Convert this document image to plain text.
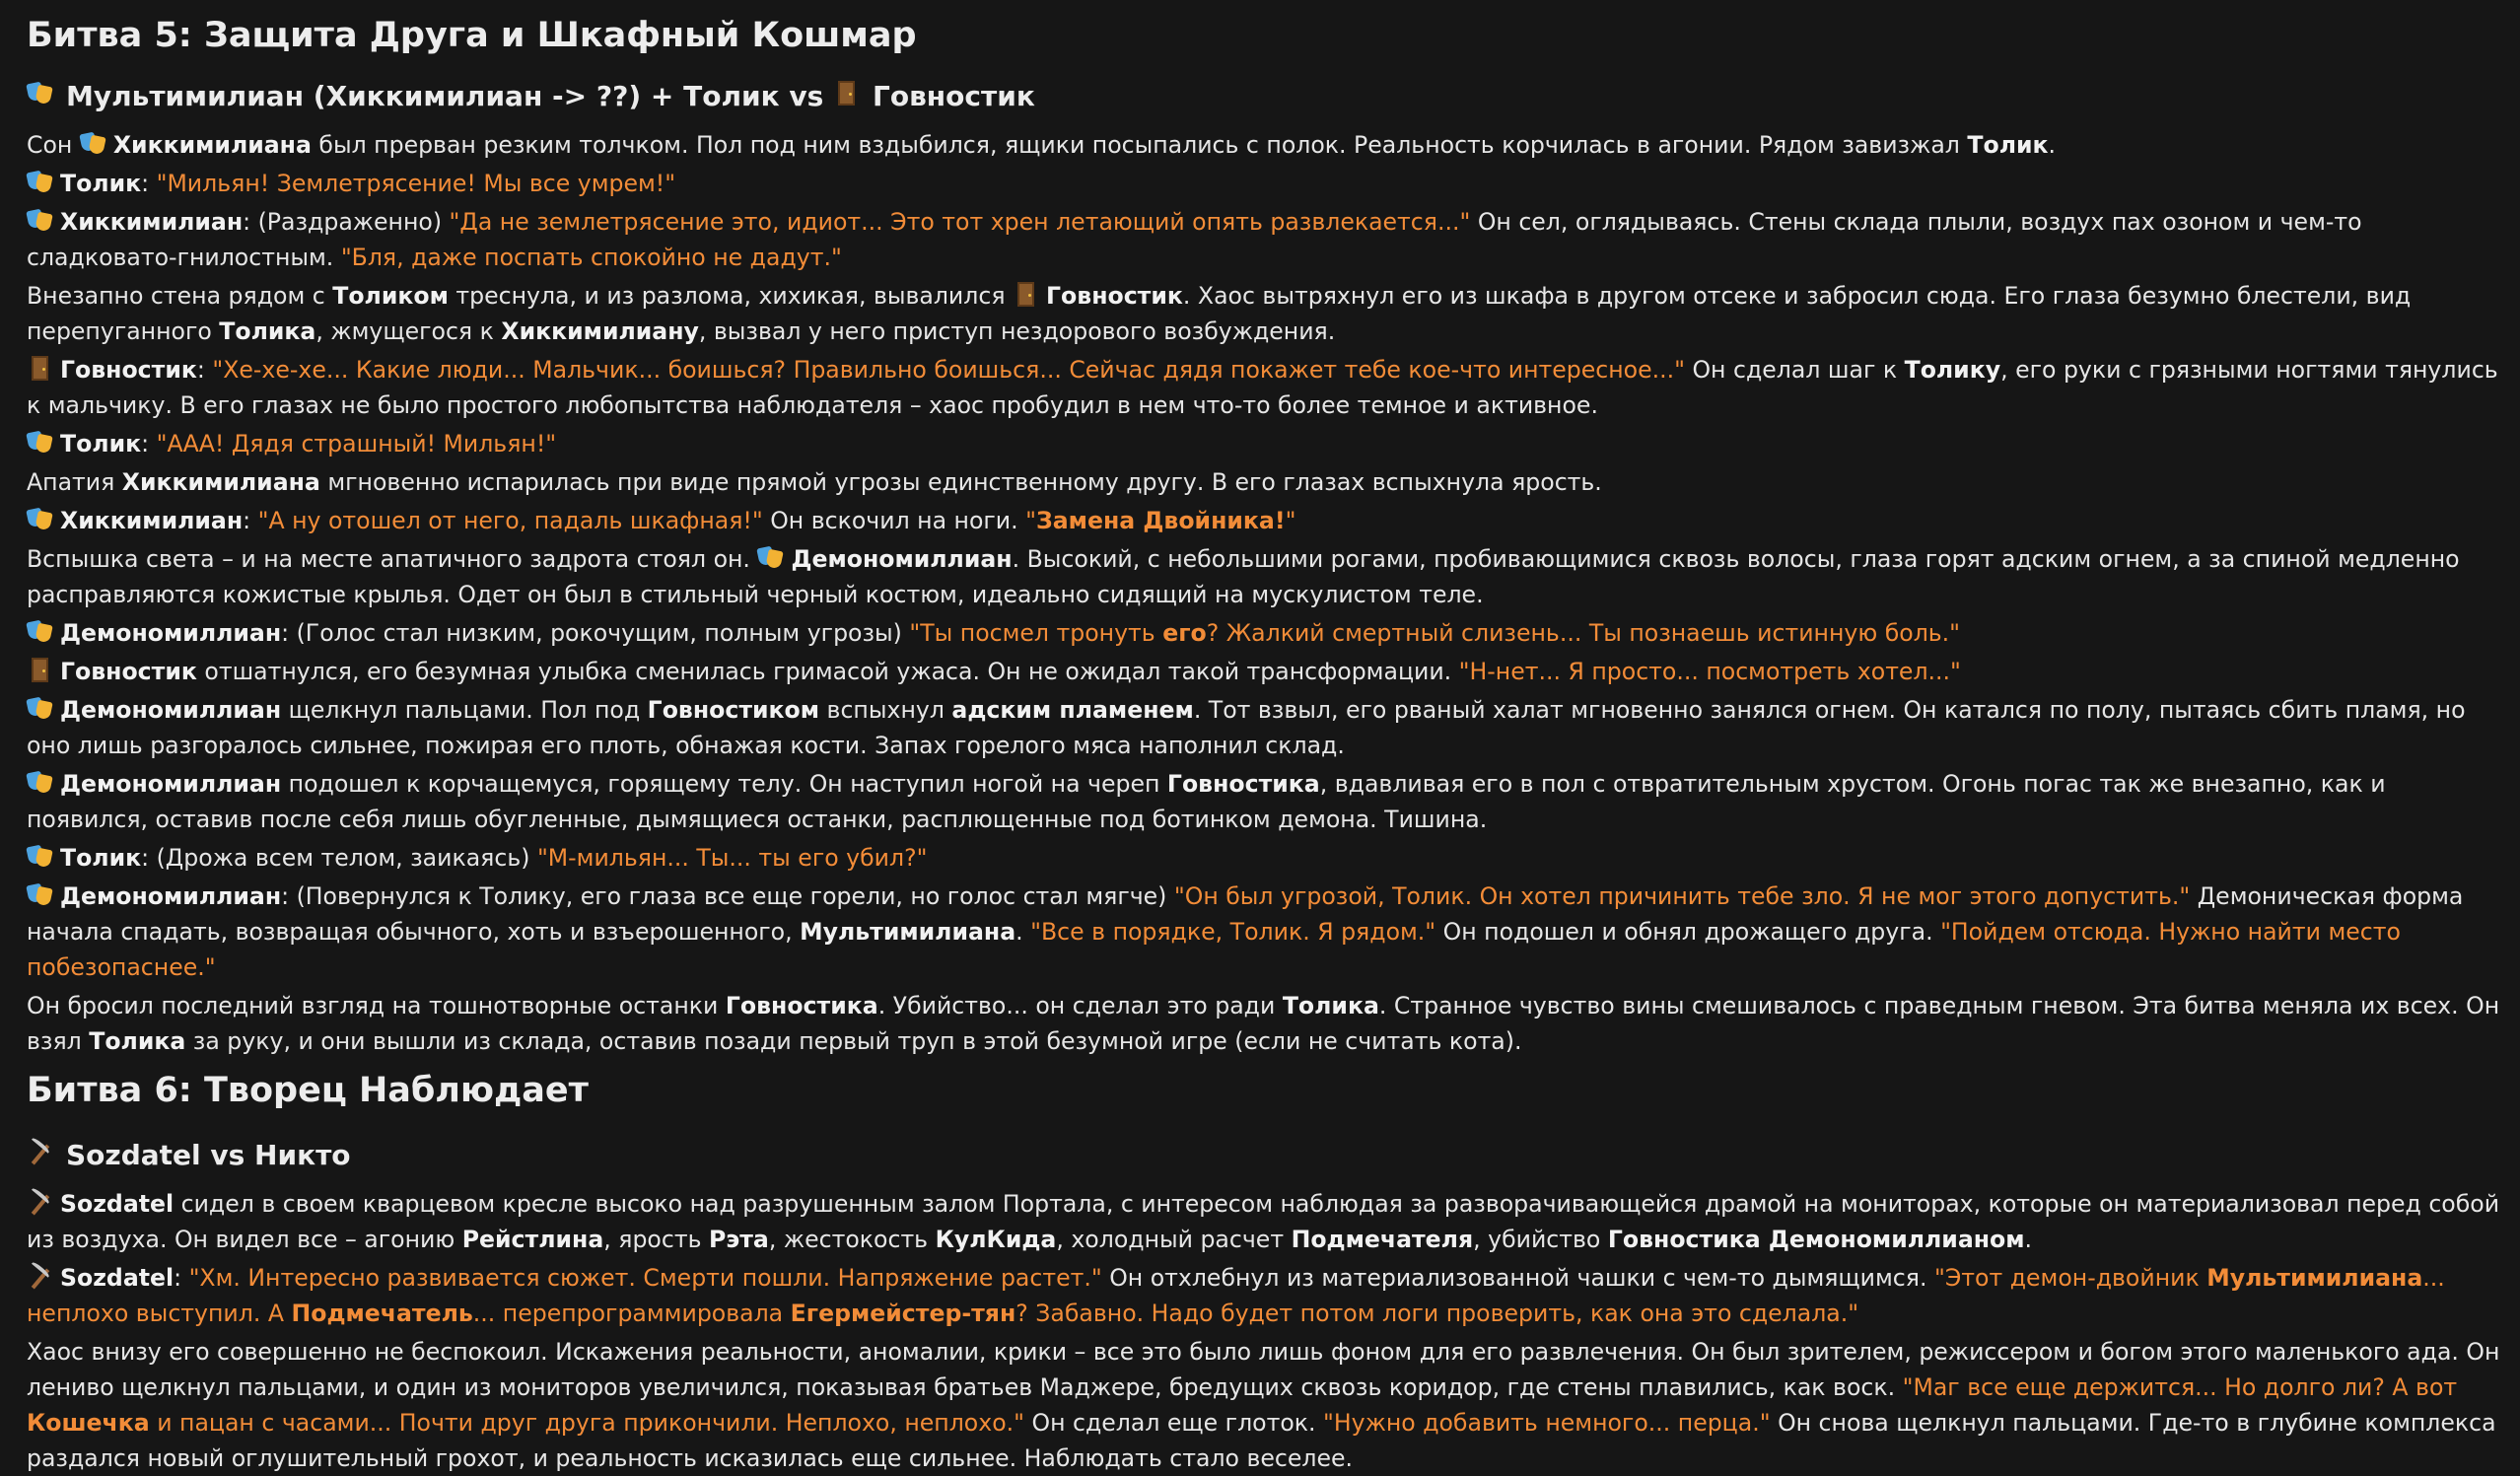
Битва 5: Защита Друга и Шкафный Кошмар
Мультимилиан (Хиккимилиан -> ??) + Толик vs Говностик

Сон Хиккимилиана был прерван резким толчком. Пол под ним вздыбился, ящики посыпались с полок. Реальность корчилась в агонии. Рядом завизжал Толик.

Толик: "Мильян! Землетрясение! Мы все умрем!"

Хиккимилиан: (Раздраженно) "Да не землетрясение это, идиот... Это тот хрен летающий опять развлекается..." Он сел, оглядываясь. Стены склада плыли, воздух пах озоном и чем-то сладковато-гнилостным. "Бля, даже поспать спокойно не дадут."

Внезапно стена рядом с Толиком треснула, и из разлома, хихикая, вывалился Говностик. Хаос вытряхнул его из шкафа в другом отсеке и забросил сюда. Его глаза безумно блестели, вид перепуганного Толика, жмущегося к Хиккимилиану, вызвал у него приступ нездорового возбуждения.

Говностик: "Хе-хе-хе... Какие люди... Мальчик... боишься? Правильно боишься... Сейчас дядя покажет тебе кое-что интересное..." Он сделал шаг к Толику, его руки с грязными ногтями тянулись к мальчику. В его глазах не было простого любопытства наблюдателя – хаос пробудил в нем что-то более темное и активное.

Толик: "ААА! Дядя страшный! Мильян!"

Апатия Хиккимилиана мгновенно испарилась при виде прямой угрозы единственному другу. В его глазах вспыхнула ярость.

Хиккимилиан: "А ну отошел от него, падаль шкафная!" Он вскочил на ноги. "Замена Двойника!"

Вспышка света – и на месте апатичного задрота стоял он. Демономиллиан. Высокий, с небольшими рогами, пробивающимися сквозь волосы, глаза горят адским огнем, а за спиной медленно расправляются кожистые крылья. Одет он был в стильный черный костюм, идеально сидящий на мускулистом теле.

Демономиллиан: (Голос стал низким, рокочущим, полным угрозы) "Ты посмел тронуть его? Жалкий смертный слизень... Ты познаешь истинную боль."

Говностик отшатнулся, его безумная улыбка сменилась гримасой ужаса. Он не ожидал такой трансформации. "Н-нет... Я просто... посмотреть хотел..."

Демономиллиан щелкнул пальцами. Пол под Говностиком вспыхнул адским пламенем. Тот взвыл, его рваный халат мгновенно занялся огнем. Он катался по полу, пытаясь сбить пламя, но оно лишь разгоралось сильнее, пожирая его плоть, обнажая кости. Запах горелого мяса наполнил склад.

Демономиллиан подошел к корчащемуся, горящему телу. Он наступил ногой на череп Говностика, вдавливая его в пол с отвратительным хрустом. Огонь погас так же внезапно, как и появился, оставив после себя лишь обугленные, дымящиеся останки, расплющенные под ботинком демона. Тишина.

Толик: (Дрожа всем телом, заикаясь) "М-мильян... Ты... ты его убил?"

Демономиллиан: (Повернулся к Толику, его глаза все еще горели, но голос стал мягче) "Он был угрозой, Толик. Он хотел причинить тебе зло. Я не мог этого допустить." Демоническая форма начала спадать, возвращая обычного, хоть и взъерошенного, Мультимилиана. "Все в порядке, Толик. Я рядом." Он подошел и обнял дрожащего друга. "Пойдем отсюда. Нужно найти место побезопаснее."

Он бросил последний взгляд на тошнотворные останки Говностика. Убийство... он сделал это ради Толика. Странное чувство вины смешивалось с праведным гневом. Эта битва меняла их всех. Он взял Толика за руку, и они вышли из склада, оставив позади первый труп в этой безумной игре (если не считать кота).

Битва 6: Творец Наблюдает
Sozdatel vs Никто

Sozdatel сидел в своем кварцевом кресле высоко над разрушенным залом Портала, с интересом наблюдая за разворачивающейся драмой на мониторах, которые он материализовал перед собой из воздуха. Он видел все – агонию Рейстлина, ярость Рэта, жестокость КулКида, холодный расчет Подмечателя, убийство Говностика Демономиллианом.

Sozdatel: "Хм. Интересно развивается сюжет. Смерти пошли. Напряжение растет." Он отхлебнул из материализованной чашки с чем-то дымящимся. "Этот демон-двойник Мультимилиана... неплохо выступил. А Подмечатель... перепрограммировала Егермейстер-тян? Забавно. Надо будет потом логи проверить, как она это сделала."

Хаос внизу его совершенно не беспокоил. Искажения реальности, аномалии, крики – все это было лишь фоном для его развлечения. Он был зрителем, режиссером и богом этого маленького ада. Он лениво щелкнул пальцами, и один из мониторов увеличился, показывая братьев Маджере, бредущих сквозь коридор, где стены плавились, как воск. "Маг все еще держится... Но долго ли? А вот Кошечка и пацан с часами... Почти друг друга прикончили. Неплохо, неплохо." Он сделал еще глоток. "Нужно добавить немного... перца." Он снова щелкнул пальцами. Где-то в глубине комплекса раздался новый оглушительный грохот, и реальность исказилась еще сильнее. Наблюдать стало веселее.
